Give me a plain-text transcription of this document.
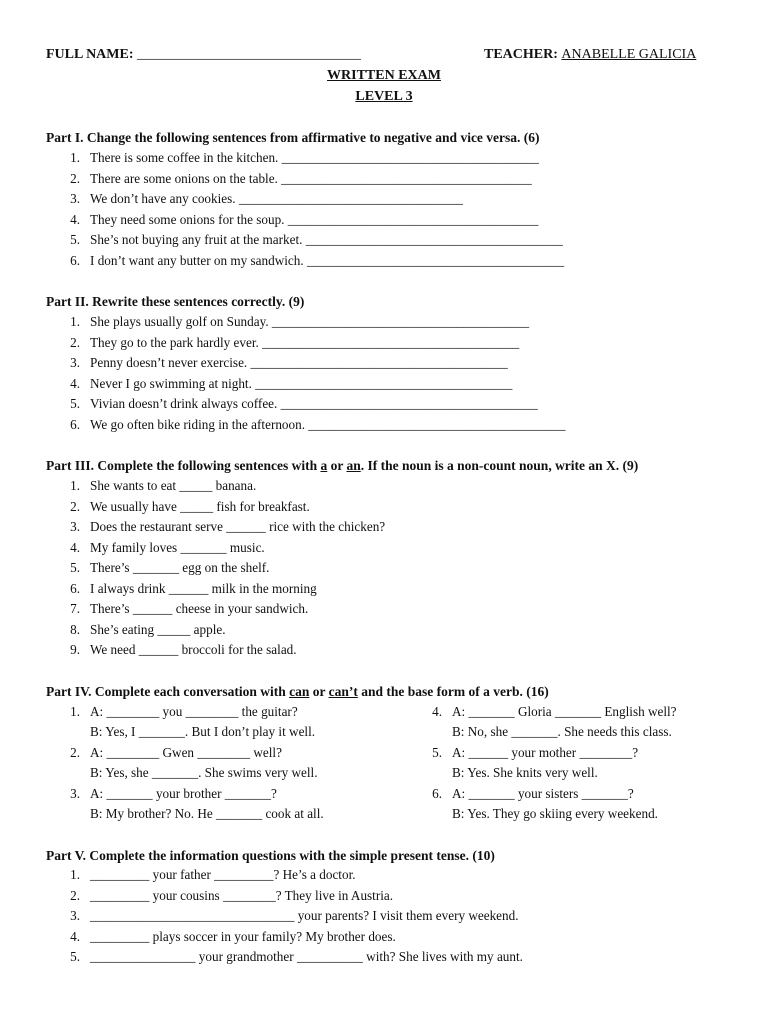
FULL NAME: ________________________________	TEACHER: ANABELLE GALICIA
WRITTEN EXAM
LEVEL 3
Part I. Change the following sentences from affirmative to negative and vice versa. (6)
1. There is some coffee in the kitchen. _______________________________________
2. There are some onions on the table. ______________________________________
3. We don’t have any cookies. __________________________________
4. They need some onions for the soup. ______________________________________
5. She’s not buying any fruit at the market. _______________________________________
6. I don’t want any butter on my sandwich. _______________________________________
Part II. Rewrite these sentences correctly. (9)
1. She plays usually golf on Sunday. _______________________________________
2. They go to the park hardly ever. _______________________________________
3. Penny doesn’t never exercise. _______________________________________
4. Never I go swimming at night. _______________________________________
5. Vivian doesn’t drink always coffee. _______________________________________
6. We go often bike riding in the afternoon. _______________________________________
Part III. Complete the following sentences with a or an. If the noun is a non-count noun, write an X. (9)
1. She wants to eat _____ banana.
2. We usually have _____ fish for breakfast.
3. Does the restaurant serve ______ rice with the chicken?
4. My family loves _______ music.
5. There’s _______ egg on the shelf.
6. I always drink ______ milk in the morning
7. There’s ______ cheese in your sandwich.
8. She’s eating _____ apple.
9. We need ______ broccoli for the salad.
Part IV. Complete each conversation with can or can’t and the base form of a verb. (16)
1. A: ________ you ________ the guitar?
B: Yes, I _______. But I don’t play it well.
2. A: ________ Gwen ________ well?
B: Yes, she _______. She swims very well.
3. A: _______ your brother _______?
B: My brother? No. He _______ cook at all.
4. A: _______ Gloria _______ English well?
B: No, she _______. She needs this class.
5. A: ______ your mother ________?
B: Yes. She knits very well.
6. A: _______ your sisters _______?
B: Yes. They go skiing every weekend.
Part V. Complete the information questions with the simple present tense. (10)
1. _________ your father _________? He’s a doctor.
2. _________ your cousins ________? They live in Austria.
3. _______________________________ your parents? I visit them every weekend.
4. _________ plays soccer in your family? My brother does.
5. ________________ your grandmother __________ with? She lives with my aunt.
